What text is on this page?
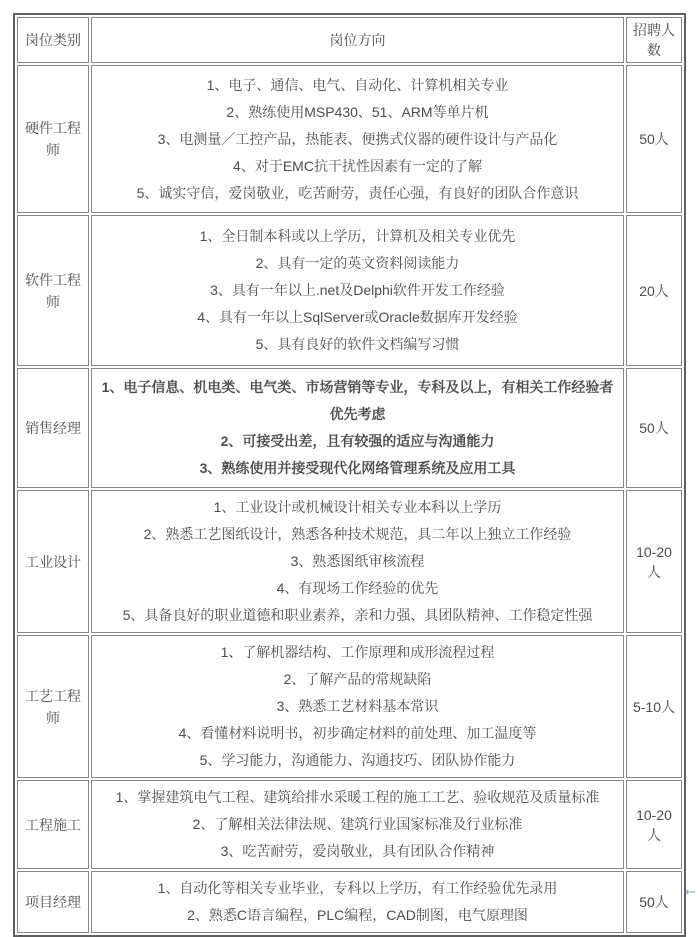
岗位类别	岗位方向	招聘人数
硬件工程师	1、电子、通信、电气、自动化、计算机相关专业
2、熟练使用MSP430、51、ARM等单片机
3、电测量／工控产品，热能表、便携式仪器的硬件设计与产品化
4、对于EMC抗干扰性因素有一定的了解
5、诚实守信，爱岗敬业，吃苦耐劳，责任心强，有良好的团队合作意识	50人
软件工程师	1、全日制本科或以上学历，计算机及相关专业优先
2、具有一定的英文资料阅读能力
3、具有一年以上.net及Delphi软件开发工作经验
4、具有一年以上SqlServer或Oracle数据库开发经验
5、具有良好的软件文档编写习惯	20人
销售经理	1、电子信息、机电类、电气类、市场营销等专业，专科及以上，有相关工作经验者优先考虑
2、可接受出差，且有较强的适应与沟通能力
3、熟练使用并接受现代化网络管理系统及应用工具	50人
工业设计	1、工业设计或机械设计相关专业本科以上学历
2、熟悉工艺图纸设计，熟悉各种技术规范，具二年以上独立工作经验
3、熟悉图纸审核流程
4、有现场工作经验的优先
5、具备良好的职业道德和职业素养，亲和力强、具团队精神、工作稳定性强	10-20人
工艺工程师	1、了解机器结构、工作原理和成形流程过程
2、了解产品的常规缺陷
3、熟悉工艺材料基本常识
4、看懂材料说明书，初步确定材料的前处理、加工温度等
5、学习能力，沟通能力、沟通技巧、团队协作能力	5-10人
工程施工	1、掌握建筑电气工程、建筑给排水采暖工程的施工工艺、验收规范及质量标准
2、了解相关法律法规、建筑行业国家标准及行业标准
3、吃苦耐劳，爱岗敬业，具有团队合作精神	10-20人
项目经理	1、自动化等相关专业毕业，专科以上学历，有工作经验优先录用
2、熟悉C语言编程，PLC编程，CAD制图，电气原理图	50人
←
